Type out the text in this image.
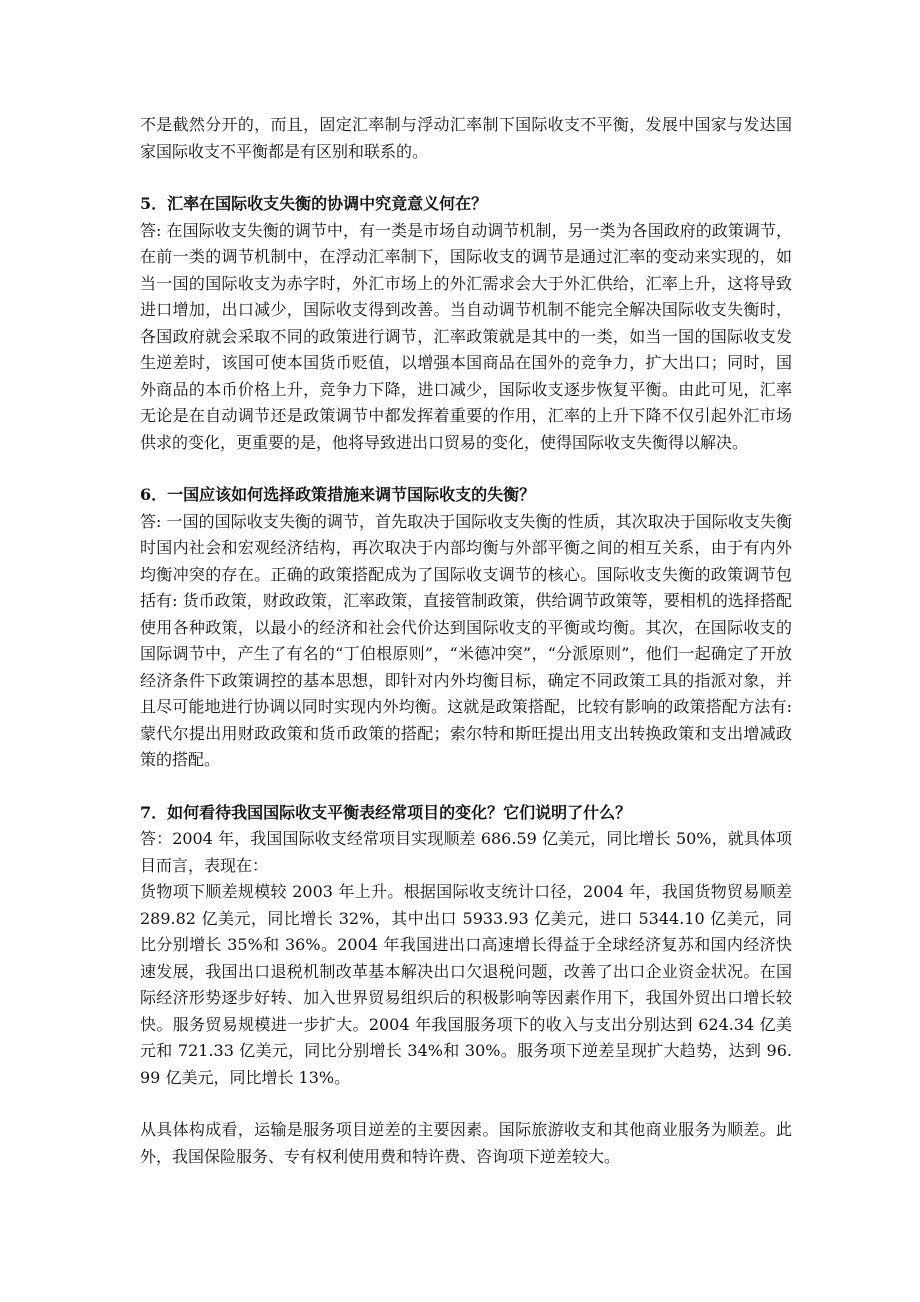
不是截然分开的，而且，固定汇率制与浮动汇率制下国际收支不平衡，发展中国家与发达国家国际收支不平衡都是有区别和联系的。

5．汇率在国际收支失衡的协调中究竟意义何在？

答: 在国际收支失衡的调节中，有一类是市场自动调节机制，另一类为各国政府的政策调节，在前一类的调节机制中，在浮动汇率制下，国际收支的调节是通过汇率的变动来实现的，如当一国的国际收支为赤字时，外汇市场上的外汇需求会大于外汇供给，汇率上升，这将导致进口增加，出口减少，国际收支得到改善。当自动调节机制不能完全解决国际收支失衡时，各国政府就会采取不同的政策进行调节，汇率政策就是其中的一类，如当一国的国际收支发生逆差时，该国可使本国货币贬值，以增强本国商品在国外的竞争力，扩大出口；同时，国外商品的本币价格上升，竞争力下降，进口减少，国际收支逐步恢复平衡。由此可见，汇率无论是在自动调节还是政策调节中都发挥着重要的作用，汇率的上升下降不仅引起外汇市场供求的变化，更重要的是，他将导致进出口贸易的变化，使得国际收支失衡得以解决。

6．一国应该如何选择政策措施来调节国际收支的失衡？

答: 一国的国际收支失衡的调节，首先取决于国际收支失衡的性质，其次取决于国际收支失衡时国内社会和宏观经济结构，再次取决于内部均衡与外部平衡之间的相互关系，由于有内外均衡冲突的存在。正确的政策搭配成为了国际收支调节的核心。国际收支失衡的政策调节包括有: 货币政策，财政政策，汇率政策，直接管制政策，供给调节政策等，要相机的选择搭配使用各种政策，以最小的经济和社会代价达到国际收支的平衡或均衡。其次，在国际收支的国际调节中，产生了有名的“丁伯根原则”，“米德冲突”，“分派原则”，他们一起确定了开放经济条件下政策调控的基本思想，即针对内外均衡目标，确定不同政策工具的指派对象，并且尽可能地进行协调以同时实现内外均衡。这就是政策搭配，比较有影响的政策搭配方法有: 蒙代尔提出用财政政策和货币政策的搭配；索尔特和斯旺提出用支出转换政策和支出增减政策的搭配。

7．如何看待我国国际收支平衡表经常项目的变化？它们说明了什么？

答：2004 年，我国国际收支经常项目实现顺差 686.59 亿美元，同比增长 50%，就具体项目而言，表现在：

货物项下顺差规模较 2003 年上升。根据国际收支统计口径，2004 年，我国货物贸易顺差 289.82 亿美元，同比增长 32%，其中出口 5933.93 亿美元，进口 5344.10 亿美元，同比分别增长 35%和 36%。2004 年我国进出口高速增长得益于全球经济复苏和国内经济快速发展，我国出口退税机制改革基本解决出口欠退税问题，改善了出口企业资金状况。在国际经济形势逐步好转、加入世界贸易组织后的积极影响等因素作用下，我国外贸出口增长较快。服务贸易规模进一步扩大。2004 年我国服务项下的收入与支出分别达到 624.34 亿美元和 721.33 亿美元，同比分别增长 34%和 30%。服务项下逆差呈现扩大趋势，达到 96.99 亿美元，同比增长 13%。

从具体构成看，运输是服务项目逆差的主要因素。国际旅游收支和其他商业服务为顺差。此外，我国保险服务、专有权利使用费和特许费、咨询项下逆差较大。
